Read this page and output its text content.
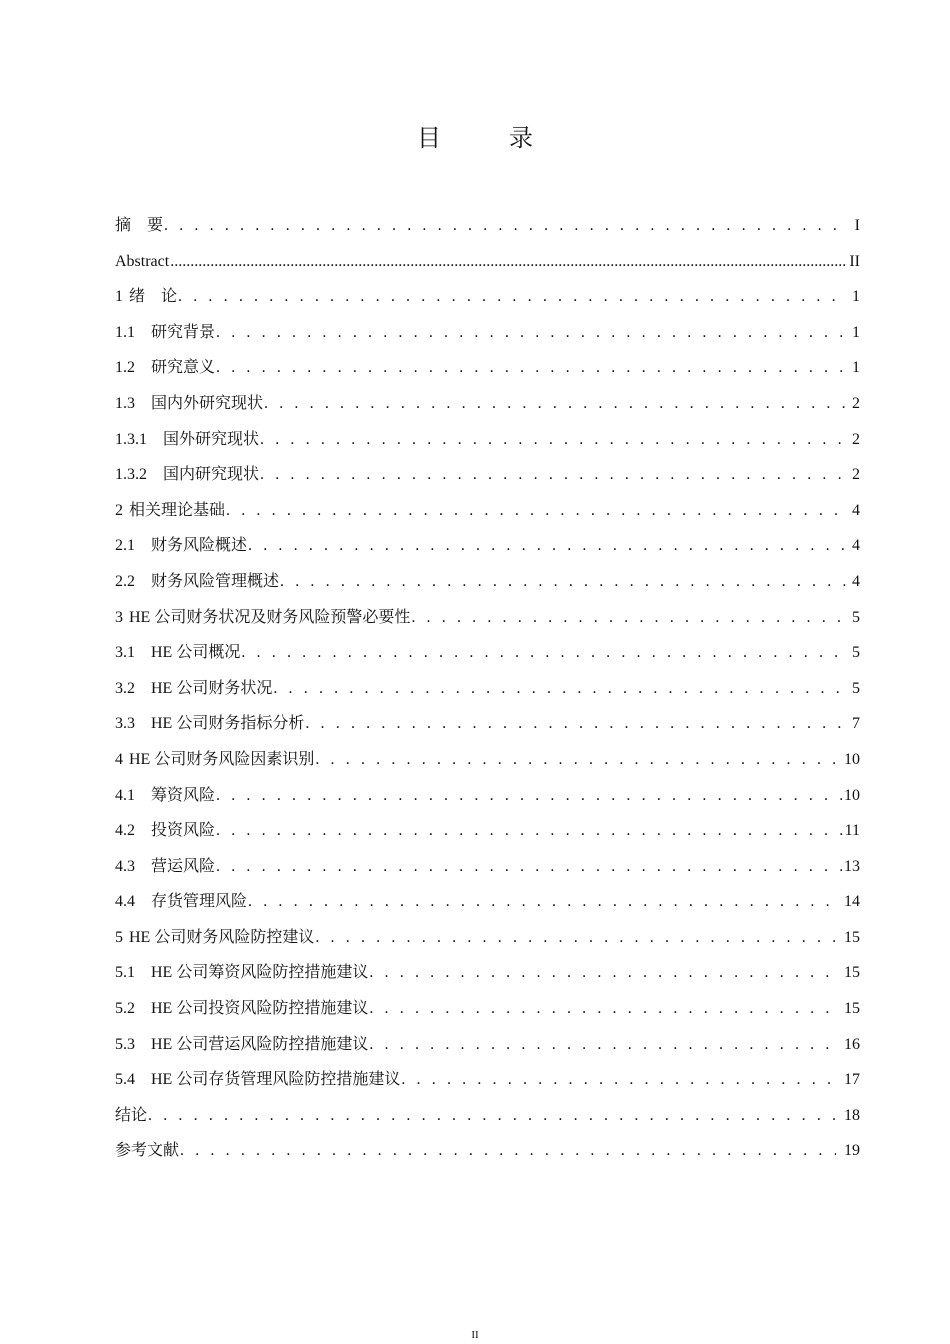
目　录
摘　要 . . .	I
Abstract .....	II
1 绪　论 . . .	1
1.1 研究背景 . . .	1
1.2 研究意义 . . .	1
1.3 国内外研究现状 . . .	2
1.3.1 国外研究现状 . . .	2
1.3.2 国内研究现状 . . .	2
2 相关理论基础 . . .	4
2.1 财务风险概述 . . .	4
2.2 财务风险管理概述 . . .	4
3 HE 公司财务状况及财务风险预警必要性 . . .	5
3.1 HE 公司概况 . . .	5
3.2 HE 公司财务状况 . . .	5
3.3 HE 公司财务指标分析 . . .	7
4 HE 公司财务风险因素识别 . . .	10
4.1 筹资风险 . . .	10
4.2 投资风险 . . .	11
4.3 营运风险 . . .	13
4.4 存货管理风险 . . .	14
5 HE 公司财务风险防控建议 . . .	15
5.1 HE 公司筹资风险防控措施建议 . . .	15
5.2 HE 公司投资风险防控措施建议 . . .	15
5.3 HE 公司营运风险防控措施建议 . . .	16
5.4 HE 公司存货管理风险防控措施建议 . . .	17
结论 . . .	18
参考文献 . . .	19
II
